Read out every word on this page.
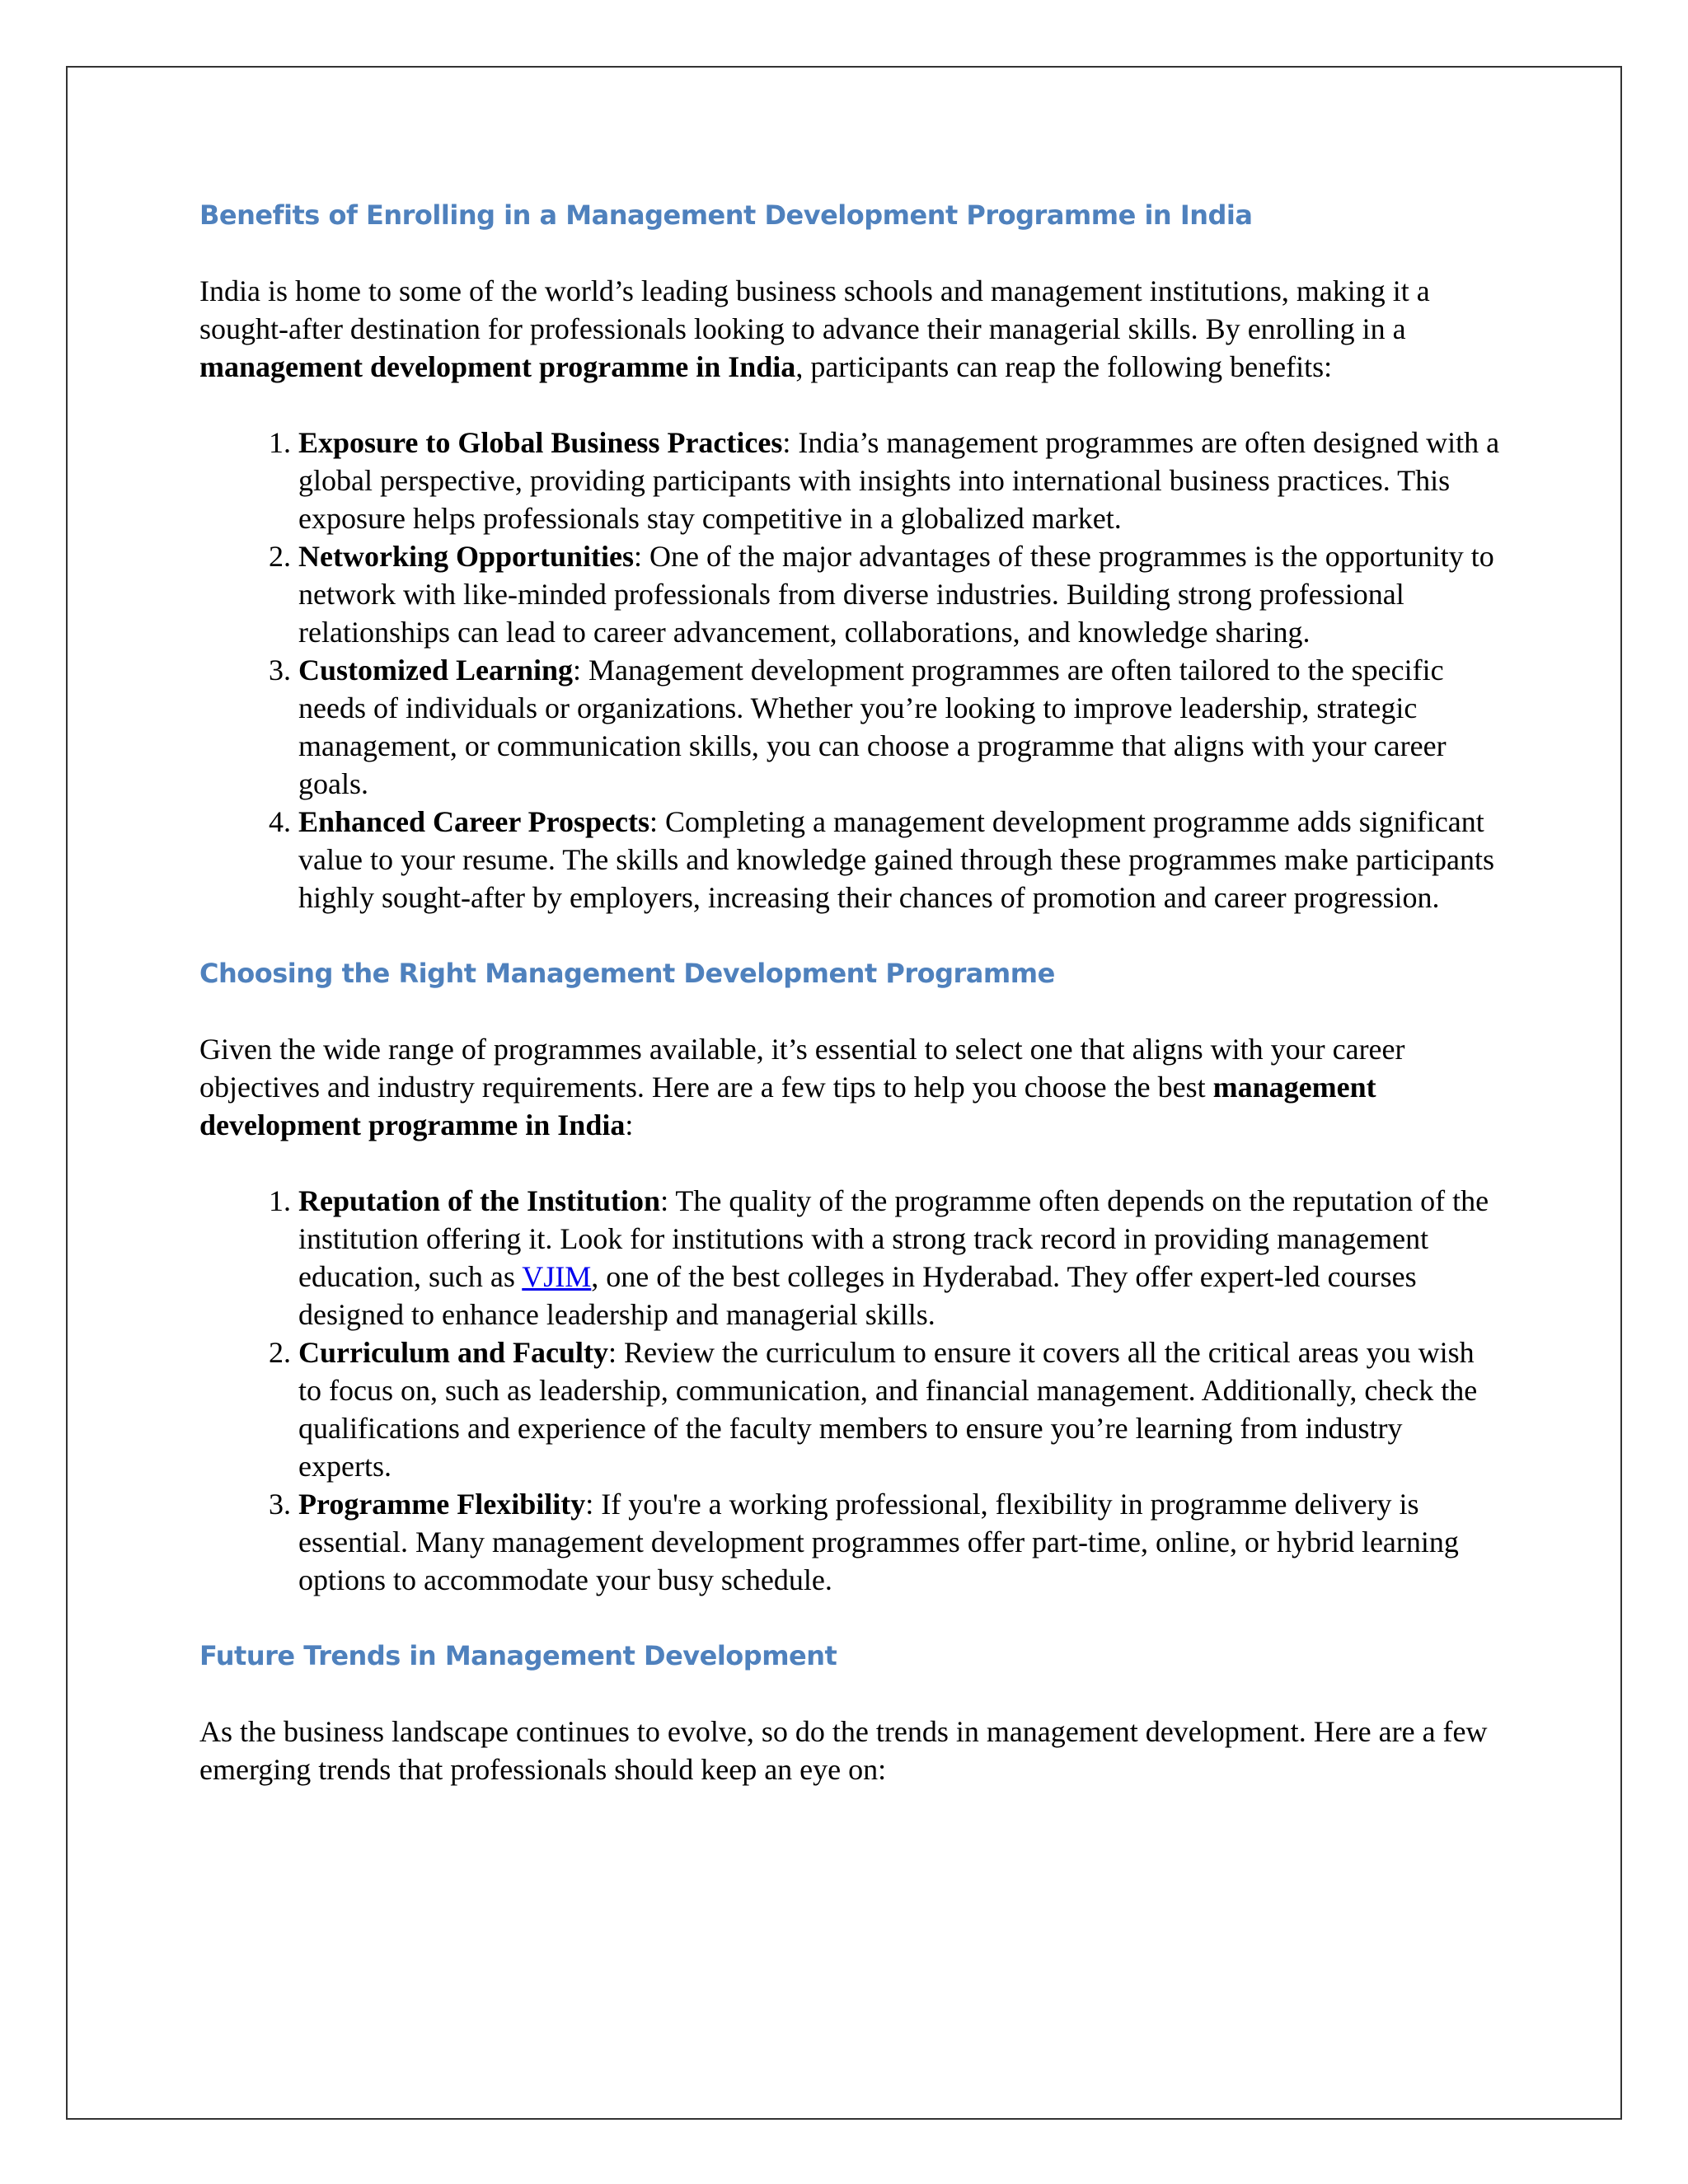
Benefits of Enrolling in a Management Development Programme in India

India is home to some of the world’s leading business schools and management institutions, making it a sought-after destination for professionals looking to advance their managerial skills. By enrolling in a management development programme in India, participants can reap the following benefits:

1. Exposure to Global Business Practices: India’s management programmes are often designed with a global perspective, providing participants with insights into international business practices. This exposure helps professionals stay competitive in a globalized market.
2. Networking Opportunities: One of the major advantages of these programmes is the opportunity to network with like-minded professionals from diverse industries. Building strong professional relationships can lead to career advancement, collaborations, and knowledge sharing.
3. Customized Learning: Management development programmes are often tailored to the specific needs of individuals or organizations. Whether you’re looking to improve leadership, strategic management, or communication skills, you can choose a programme that aligns with your career goals.
4. Enhanced Career Prospects: Completing a management development programme adds significant value to your resume. The skills and knowledge gained through these programmes make participants highly sought-after by employers, increasing their chances of promotion and career progression.
Choosing the Right Management Development Programme

Given the wide range of programmes available, it’s essential to select one that aligns with your career objectives and industry requirements. Here are a few tips to help you choose the best management development programme in India:

1. Reputation of the Institution: The quality of the programme often depends on the reputation of the institution offering it. Look for institutions with a strong track record in providing management education, such as VJIM, one of the best colleges in Hyderabad. They offer expert-led courses designed to enhance leadership and managerial skills.
2. Curriculum and Faculty: Review the curriculum to ensure it covers all the critical areas you wish to focus on, such as leadership, communication, and financial management. Additionally, check the qualifications and experience of the faculty members to ensure you’re learning from industry experts.
3. Programme Flexibility: If you're a working professional, flexibility in programme delivery is essential. Many management development programmes offer part-time, online, or hybrid learning options to accommodate your busy schedule.
Future Trends in Management Development

As the business landscape continues to evolve, so do the trends in management development. Here are a few emerging trends that professionals should keep an eye on:
